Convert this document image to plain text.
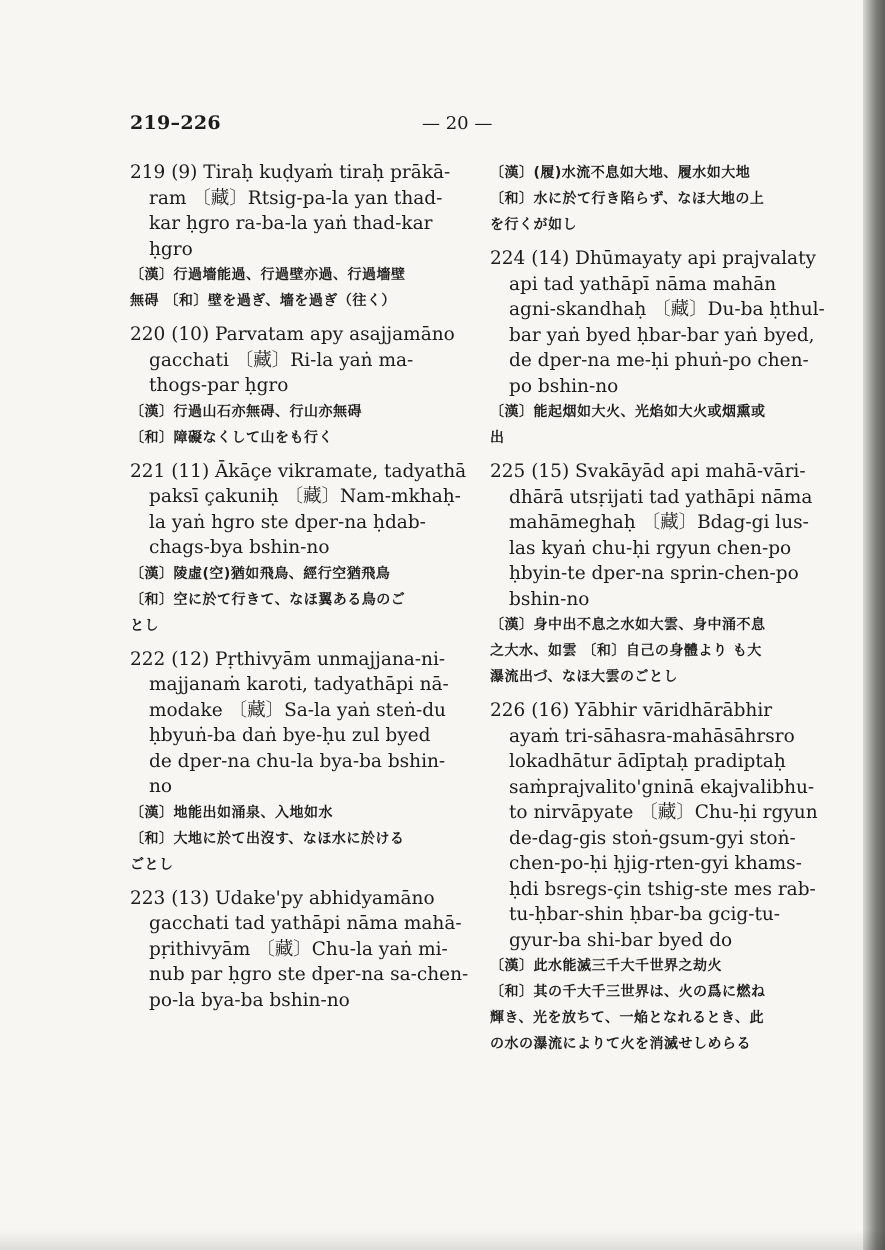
219–226	— 20 —
219 (9) Tiraḥ kuḍyaṁ tiraḥ prākā-
ram 〔藏〕Rtsig-pa-la yan thad-
kar ḥgro ra-ba-la yaṅ thad-kar
ḥgro
〔漢〕行過墻能過、行過壁亦過、行過墻壁
無碍 〔和〕壁を過ぎ、墻を過ぎ（往く）
220 (10) Parvatam apy asajjamāno
gacchati 〔藏〕Ri-la yaṅ ma-
thogs-par ḥgro
〔漢〕行過山石亦無碍、行山亦無碍
〔和〕障礙なくして山をも行く
221 (11) Ākāçe vikramate, tadyathā
paksī çakuniḥ 〔藏〕Nam-mkhaḥ-
la yaṅ hgro ste dper-na ḥdab-
chags-bya bshin-no
〔漢〕陵虛(空)猶如飛鳥、經行空猶飛鳥
〔和〕空に於て行きて、なほ翼ある鳥のご
とし
222 (12) Pṛthivyām unmajjana-ni-
majjanaṁ karoti, tadyathāpi nā-
modake 〔藏〕Sa-la yaṅ steṅ-du
ḥbyuṅ-ba daṅ bye-ḥu zul byed
de dper-na chu-la bya-ba bshin-
no
〔漢〕地能出如涌泉、入地如水
〔和〕大地に於て出沒す、なほ水に於ける
ごとし
223 (13) Udake'py abhidyamāno
gacchati tad yathāpi nāma mahā-
pṛithivyām 〔藏〕Chu-la yaṅ mi-
nub par ḥgro ste dper-na sa-chen-
po-la bya-ba bshin-no
〔漢〕(履)水流不息如大地、履水如大地
〔和〕水に於て行き陷らず、なほ大地の上
を行くが如し
224 (14) Dhūmayaty api prajvalaty
api tad yathāpī nāma mahān
agni-skandhaḥ 〔藏〕Du-ba ḥthul-
bar yaṅ byed ḥbar-bar yaṅ byed,
de dper-na me-ḥi phuṅ-po chen-
po bshin-no
〔漢〕能起烟如大火、光焰如大火或烟熏或
出
225 (15) Svakāyād api mahā-vāri-
dhārā utsṛijati tad yathāpi nāma
mahāmeghaḥ 〔藏〕Bdag-gi lus-
las kyaṅ chu-ḥi rgyun chen-po
ḥbyin-te dper-na sprin-chen-po
bshin-no
〔漢〕身中出不息之水如大雲、身中涌不息
之大水、如雲 〔和〕自己の身體より も大
瀑流出づ、なほ大雲のごとし
226 (16) Yābhir vāridhārābhir
ayaṁ tri-sāhasra-mahāsāhrsro
lokadhātur ādīptaḥ pradiptaḥ
saṁprajvalito'gninā ekajvalibhu-
to nirvāpyate 〔藏〕Chu-ḥi rgyun
de-dag-gis stoṅ-gsum-gyi stoṅ-
chen-po-ḥi ḥjig-rten-gyi khams-
ḥdi bsregs-çin tshig-ste mes rab-
tu-ḥbar-shin ḥbar-ba gcig-tu-
gyur-ba shi-bar byed do
〔漢〕此水能滅三千大千世界之劫火
〔和〕其の千大千三世界は、火の爲に燃ね
輝き、光を放ちて、一焔となれるとき、此
の水の瀑流によりて火を消滅せしめらる
